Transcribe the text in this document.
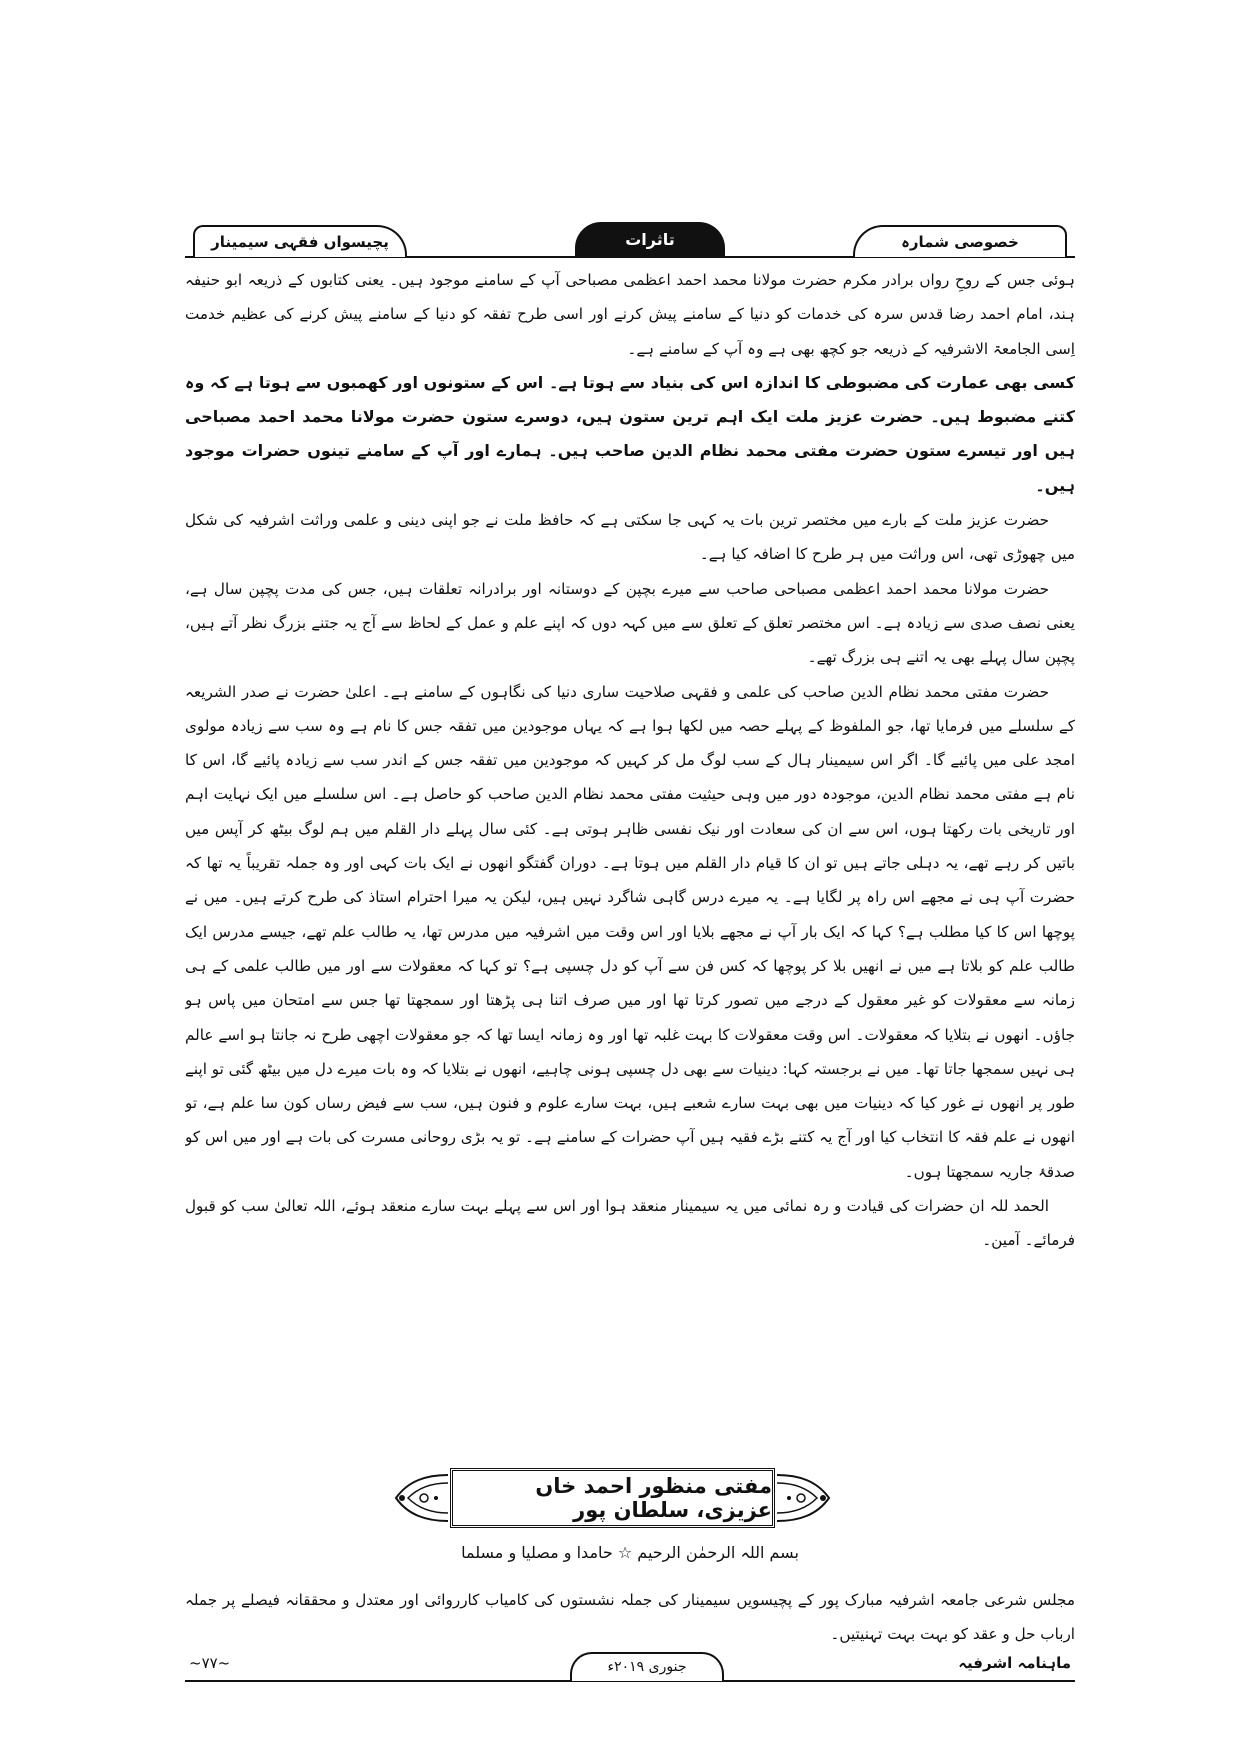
پچیسواں فقہی سیمینار	تاثرات	خصوصی شمارہ

ہوئی جس کے روحِ رواں برادر مکرم حضرت مولانا محمد احمد اعظمی مصباحی آپ کے سامنے موجود ہیں۔ یعنی کتابوں کے ذریعہ ابو حنیفہ ہند، امام احمد رضا قدس سرہ کی خدمات کو دنیا کے سامنے پیش کرنے اور اسی طرح تفقہ کو دنیا کے سامنے پیش کرنے کی عظیم خدمت اِسی الجامعۃ الاشرفیہ کے ذریعہ جو کچھ بھی ہے وہ آپ کے سامنے ہے۔

کسی بھی عمارت کی مضبوطی کا اندازہ اس کی بنیاد سے ہوتا ہے۔ اس کے ستونوں اور کھمبوں سے ہوتا ہے کہ وہ کتنے مضبوط ہیں۔ حضرت عزیز ملت ایک اہم ترین ستون ہیں، دوسرے ستون حضرت مولانا محمد احمد مصباحی ہیں اور تیسرے ستون حضرت مفتی محمد نظام الدین صاحب ہیں۔ ہمارے اور آپ کے سامنے تینوں حضرات موجود ہیں۔

حضرت عزیز ملت کے بارے میں مختصر ترین بات یہ کہی جا سکتی ہے کہ حافظ ملت نے جو اپنی دینی و علمی وراثت اشرفیہ کی شکل میں چھوڑی تھی، اس وراثت میں ہر طرح کا اضافہ کیا ہے۔

حضرت مولانا محمد احمد اعظمی مصباحی صاحب سے میرے بچپن کے دوستانہ اور برادرانہ تعلقات ہیں، جس کی مدت پچپن سال ہے، یعنی نصف صدی سے زیادہ ہے۔ اس مختصر تعلق کے تعلق سے میں کہہ دوں کہ اپنے علم و عمل کے لحاظ سے آج یہ جتنے بزرگ نظر آتے ہیں، پچپن سال پہلے بھی یہ اتنے ہی بزرگ تھے۔

حضرت مفتی محمد نظام الدین صاحب کی علمی و فقہی صلاحیت ساری دنیا کی نگاہوں کے سامنے ہے۔ اعلیٰ حضرت نے صدر الشریعہ کے سلسلے میں فرمایا تھا، جو الملفوظ کے پہلے حصہ میں لکھا ہوا ہے کہ یہاں موجودین میں تفقہ جس کا نام ہے وہ سب سے زیادہ مولوی امجد علی میں پائیے گا۔ اگر اس سیمینار ہال کے سب لوگ مل کر کہیں کہ موجودین میں تفقہ جس کے اندر سب سے زیادہ پائیے گا، اس کا نام ہے مفتی محمد نظام الدین، موجودہ دور میں وہی حیثیت مفتی محمد نظام الدین صاحب کو حاصل ہے۔ اس سلسلے میں ایک نہایت اہم اور تاریخی بات رکھتا ہوں، اس سے ان کی سعادت اور نیک نفسی ظاہر ہوتی ہے۔ کئی سال پہلے دار القلم میں ہم لوگ بیٹھ کر آپس میں باتیں کر رہے تھے، یہ دہلی جاتے ہیں تو ان کا قیام دار القلم میں ہوتا ہے۔ دوران گفتگو انھوں نے ایک بات کہی اور وہ جملہ تقریباً یہ تھا کہ حضرت آپ ہی نے مجھے اس راہ پر لگایا ہے۔ یہ میرے درس گاہی شاگرد نہیں ہیں، لیکن یہ میرا احترام استاذ کی طرح کرتے ہیں۔ میں نے پوچھا اس کا کیا مطلب ہے؟ کہا کہ ایک بار آپ نے مجھے بلایا اور اس وقت میں اشرفیہ میں مدرس تھا، یہ طالب علم تھے، جیسے مدرس ایک طالب علم کو بلاتا ہے میں نے انھیں بلا کر پوچھا کہ کس فن سے آپ کو دل چسپی ہے؟ تو کہا کہ معقولات سے اور میں طالب علمی کے ہی زمانہ سے معقولات کو غیر معقول کے درجے میں تصور کرتا تھا اور میں صرف اتنا ہی پڑھتا اور سمجھتا تھا جس سے امتحان میں پاس ہو جاؤں۔ انھوں نے بتلایا کہ معقولات۔ اس وقت معقولات کا بہت غلبہ تھا اور وہ زمانہ ایسا تھا کہ جو معقولات اچھی طرح نہ جانتا ہو اسے عالم ہی نہیں سمجھا جاتا تھا۔ میں نے برجستہ کہا: دینیات سے بھی دل چسپی ہونی چاہیے، انھوں نے بتلایا کہ وہ بات میرے دل میں بیٹھ گئی تو اپنے طور پر انھوں نے غور کیا کہ دینیات میں بھی بہت سارے شعبے ہیں، بہت سارے علوم و فنون ہیں، سب سے فیض رساں کون سا علم ہے، تو انھوں نے علم فقہ کا انتخاب کیا اور آج یہ کتنے بڑے فقیہ ہیں آپ حضرات کے سامنے ہے۔ تو یہ بڑی روحانی مسرت کی بات ہے اور میں اس کو صدقۂ جاریہ سمجھتا ہوں۔

الحمد للہ ان حضرات کی قیادت و رہ نمائی میں یہ سیمینار منعقد ہوا اور اس سے پہلے بہت سارے منعقد ہوئے، اللہ تعالیٰ سب کو قبول فرمائے۔ آمین۔

مفتی منظور احمد خاں عزیزی، سلطان پور
بسم اللہ الرحمٰن الرحیم ☆ حامدا و مصلیا و مسلما

مجلس شرعی جامعہ اشرفیہ مبارک پور کے پچیسویں سیمینار کی جملہ نشستوں کی کامیاب کارروائی اور معتدل و محققانہ فیصلے پر جملہ ارباب حل و عقد کو بہت بہت تہنیتیں۔

ماہنامہ اشرفیہ
جنوری ۲۰۱۹ء
~۷۷~
